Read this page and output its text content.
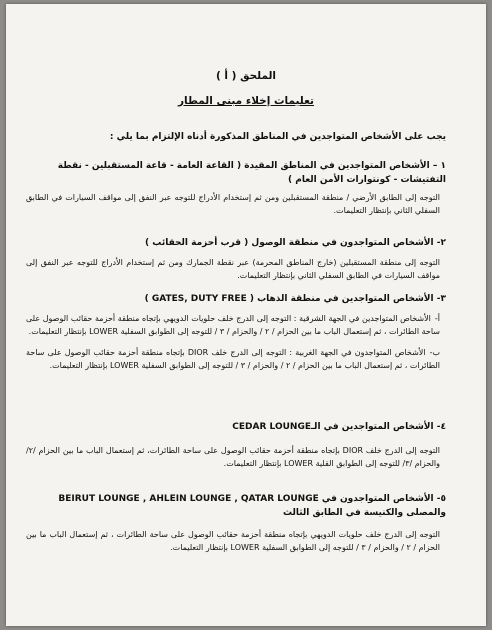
الملحق ( أ )
تعليمات إخلاء مبنى المطار
يجب على الأشخاص المتواجدين في المناطق المذكورة أدناه الإلتزام بما يلي :
١ – الأشخاص المتواجدين في المناطق المقيدة ( القاعة العامة - قاعة المستقبلين - نقطة التفتيشات - كونتوارات الأمن العام )
التوجه إلى الطابق الأرضي / منطقة المستقبلين ومن ثم إستخدام الأدراج للتوجه عبر النفق إلى مواقف السيارات في الطابق السفلي الثاني بإنتظار التعليمات.
٢- الأشخاص المتواجدون في منطقة الوصول ( قرب أحزمة الحقائب )
التوجه إلى منطقة المستقبلين (خارج المناطق المحرمة) عبر نقطة الجمارك ومن ثم إستخدام الأدراج للتوجه عبر النفق إلى مواقف السيارات في الطابق السفلي الثاني بإنتظار التعليمات.
٣- الأشخاص المتواجدين في منطقة الذهاب ( GATES, DUTY FREE )
أ-الأشخاص المتواجدين في الجهة الشرقية : التوجه إلى الدرج خلف حلويات الدويهي بإتجاه منطقة أحزمة حقائب الوصول على ساحة الطائرات ، ثم إستعمال الباب ما بين الحزام / ٢ / والحزام / ٣ / للتوجه إلى الطوابق السفلية LOWER بإنتظار التعليمات.
ب-الأشخاص المتواجدون في الجهة الغربية : التوجه إلى الدرج خلف DIOR بإتجاه منطقة أحزمة حقائب الوصول على ساحة الطائرات ، ثم إستعمال الباب ما بين الحزام / ٢ / والحزام / ٣ / للتوجه إلى الطوابق السفلية LOWER بإنتظار التعليمات.
٤- الأشخاص المتواجدين في الـCEDAR LOUNGE
التوجه إلى الدرج خلف DIOR بإتجاه منطقة أحزمة حقائب الوصول على ساحة الطائرات، ثم إستعمال الباب ما بين الحزام /٢/ والحزام /٣/ للتوجه إلى الطوابق القلية LOWER بإنتظار التعليمات.
٥- الأشخاص المتواجدون في BEIRUT LOUNGE , AHLEIN LOUNGE , QATAR LOUNGE والمصلى والكنيسة في الطابق الثالث
التوجه إلى الدرج خلف حلويات الدويهي بإتجاه منطقة أحزمة حقائب الوصول على ساحة الطائرات ، ثم إستعمال الباب ما بين الحزام / ٢ / والحزام / ٣ / للتوجه إلى الطوابق السفلية LOWER بإنتظار التعليمات.
